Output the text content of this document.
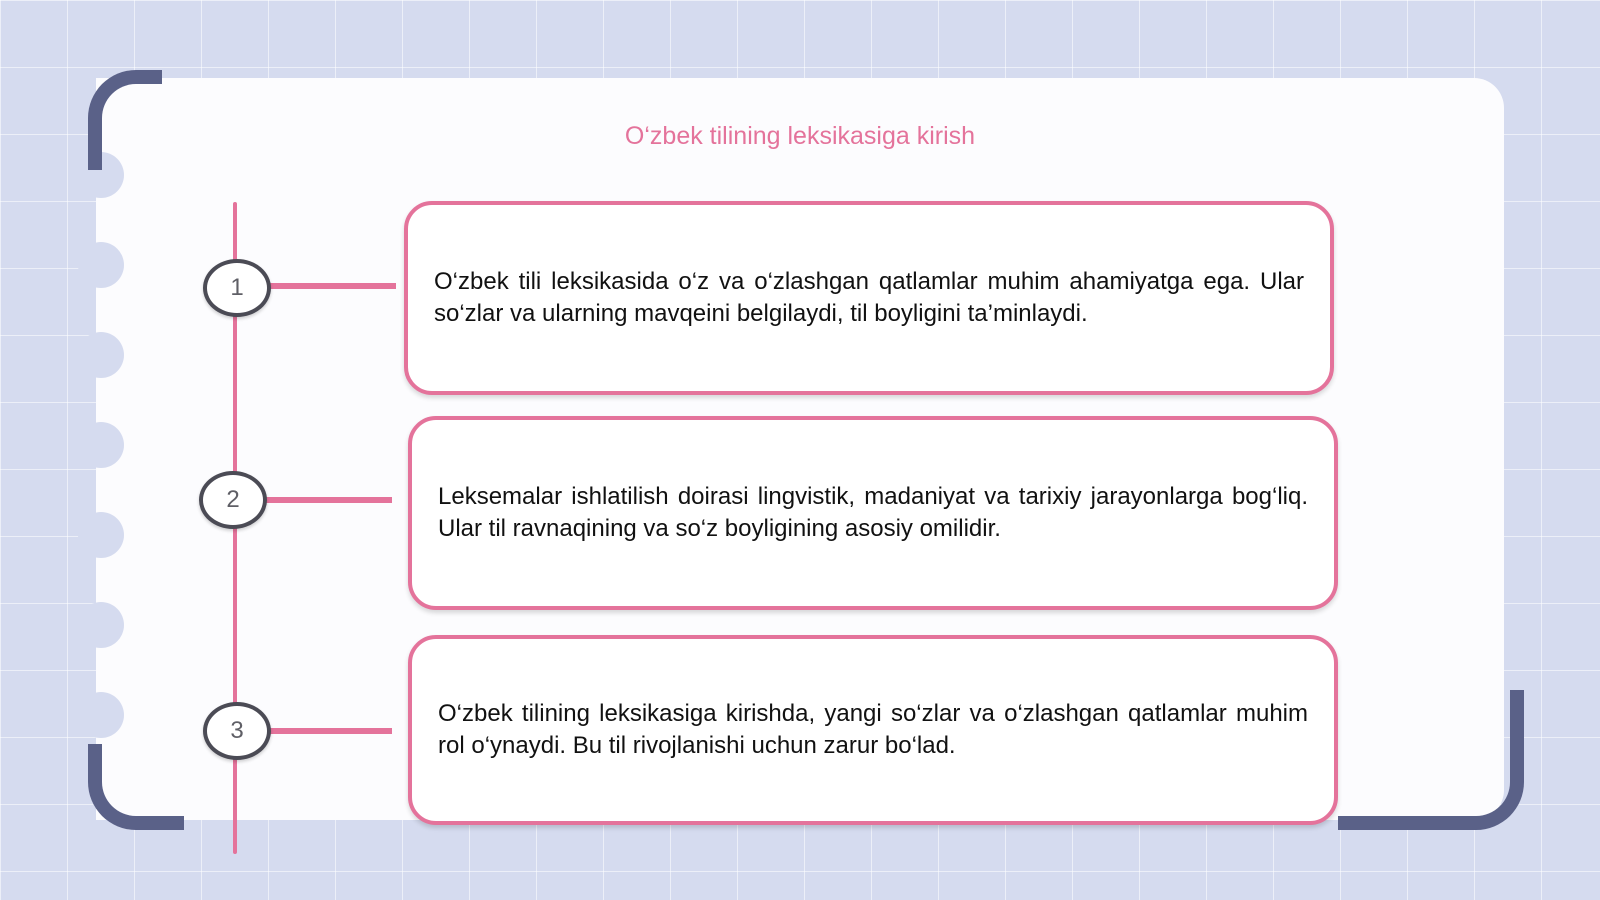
O‘zbek tilining leksikasiga kirish
1	O‘zbek tili leksikasida o‘z va o‘zlashgan qatlamlar muhim ahamiyatga ega. Ular so‘zlar va ularning mavqeini belgilaydi, til boyligini ta’minlaydi.

2	Leksemalar ishlatilish doirasi lingvistik, madaniyat va tarixiy jarayonlarga bog‘liq. Ular til ravnaqining va so‘z boyligining asosiy omilidir.

3

O‘zbek tilining leksikasiga kirishda, yangi so‘zlar va o‘zlashgan qatlamlar muhim rol o‘ynaydi. Bu til rivojlanishi uchun zarur bo‘lad.
